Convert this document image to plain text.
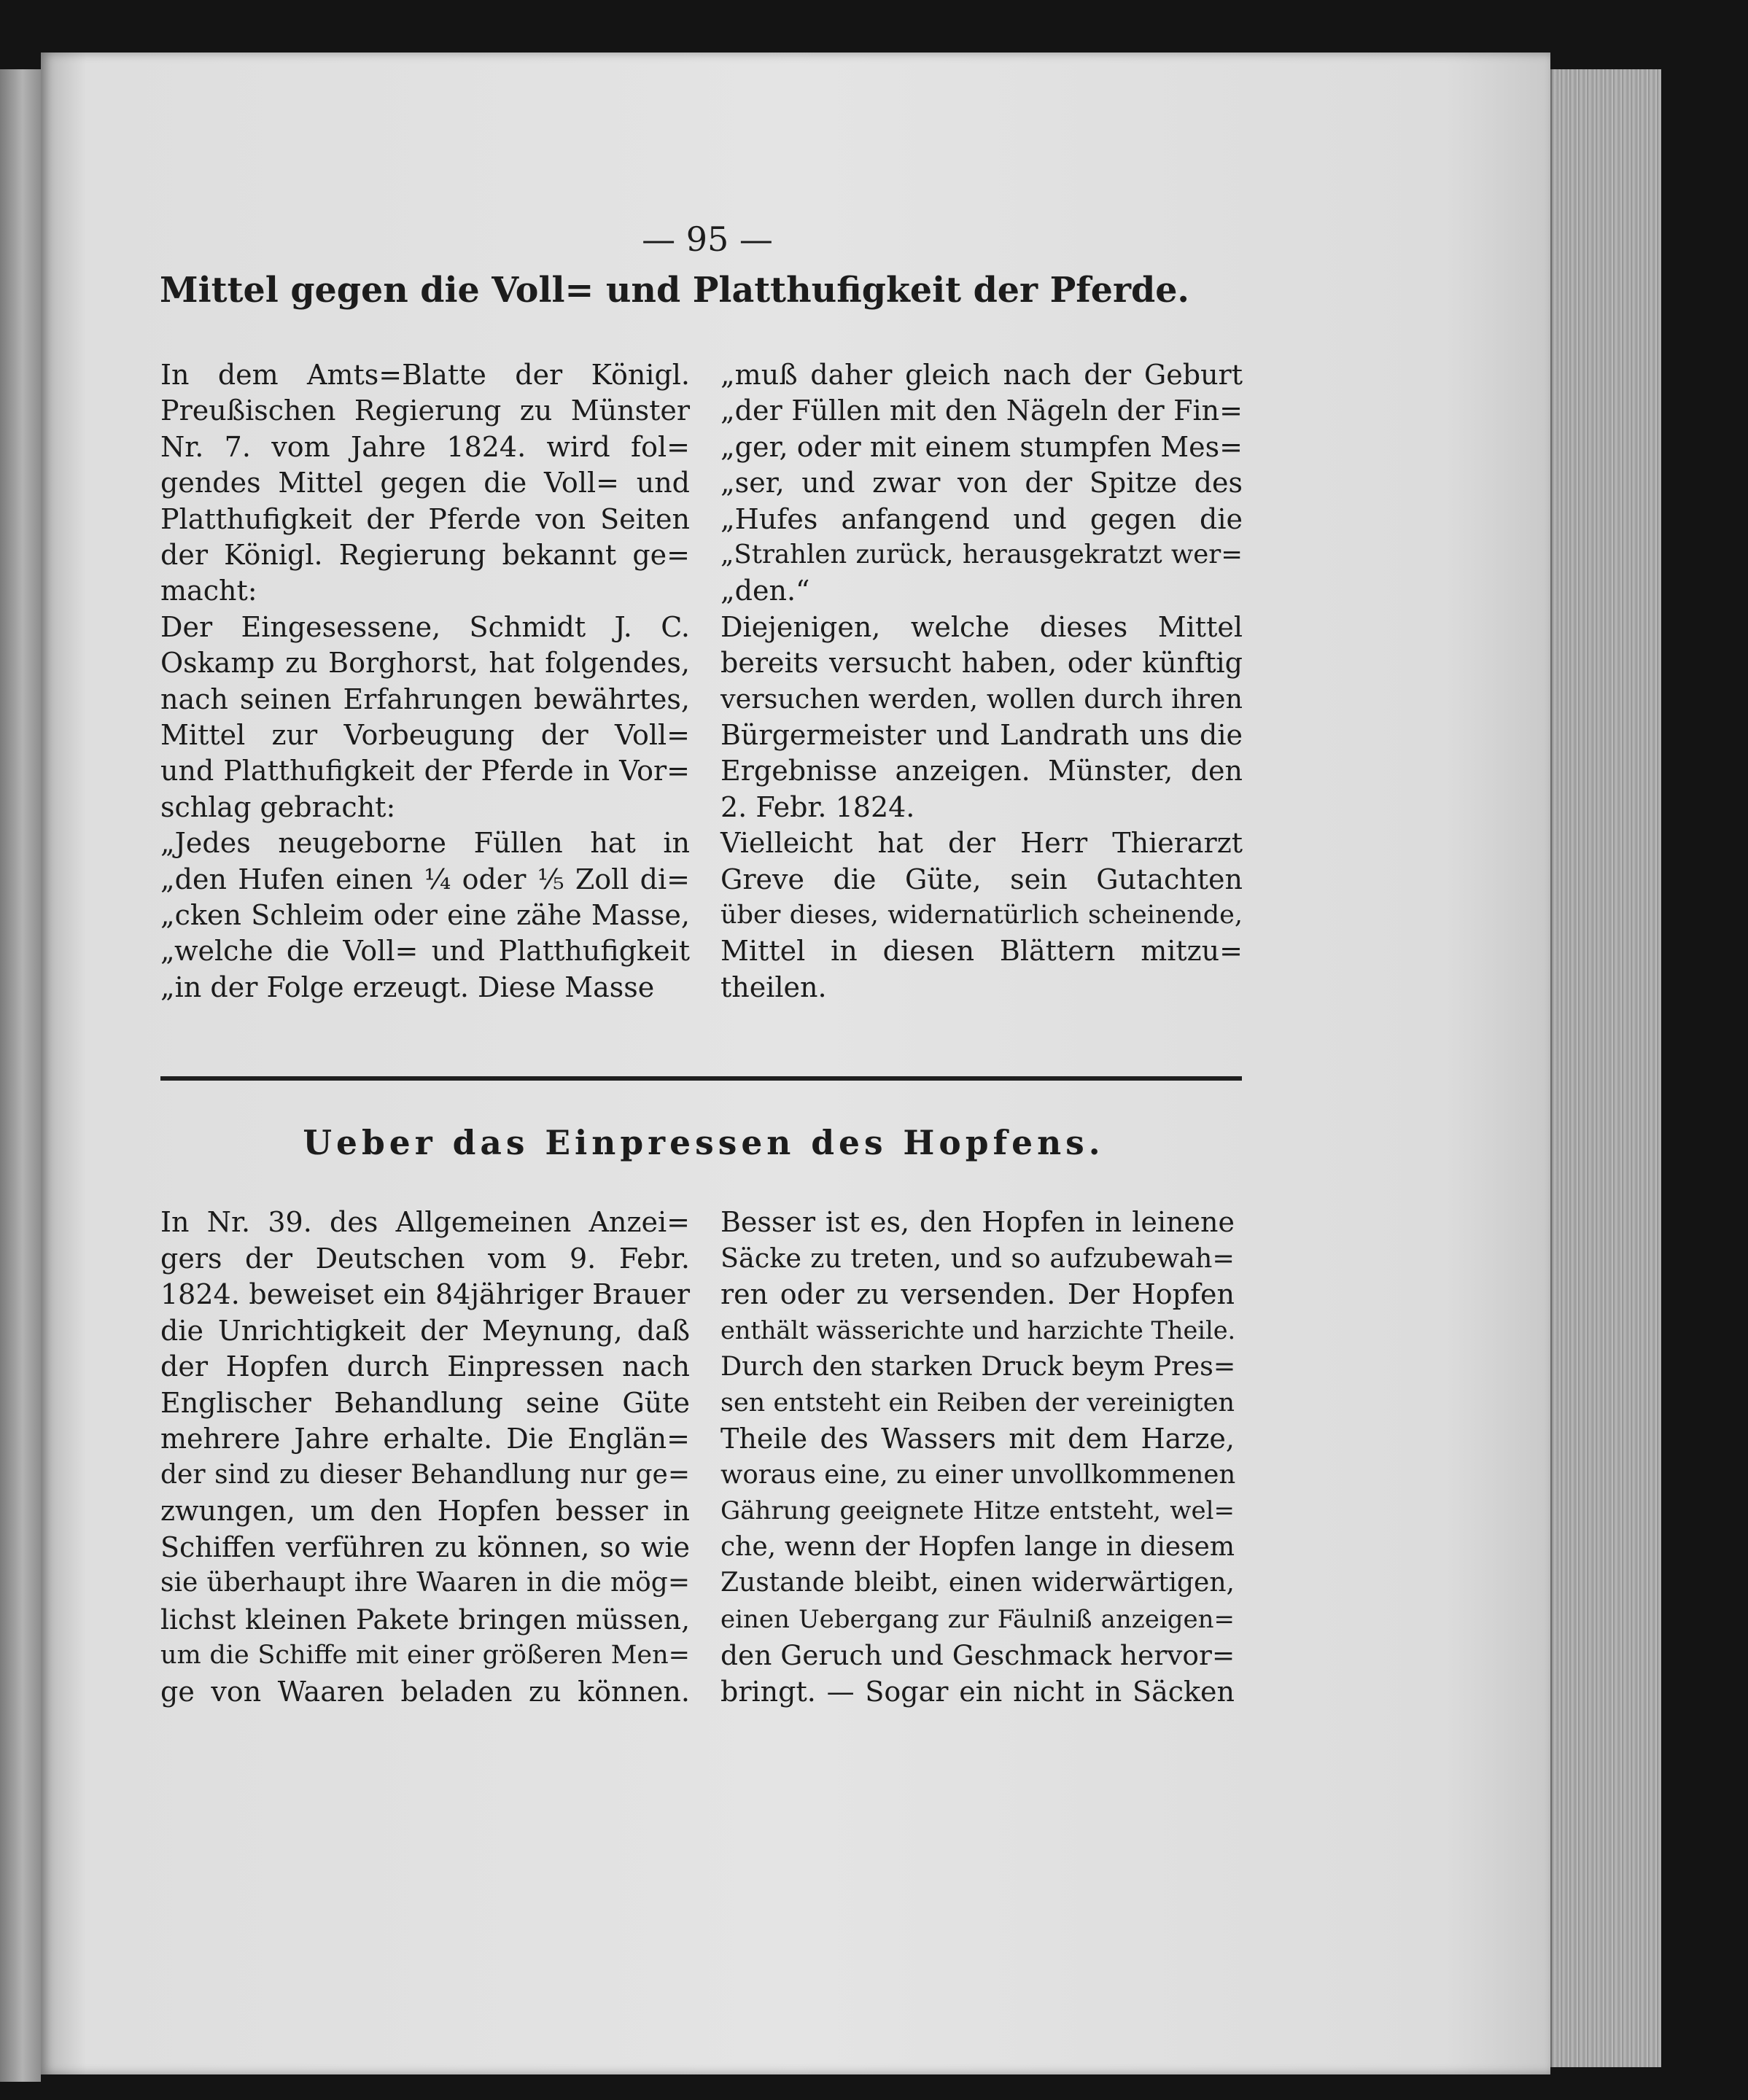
— 95 —
Mittel gegen die Voll= und Platthufigkeit der Pferde.
In dem Amts=Blatte der Königl.
Preußischen Regierung zu Münster
Nr. 7. vom Jahre 1824. wird fol=
gendes Mittel gegen die Voll= und
Platthufigkeit der Pferde von Seiten
der Königl. Regierung bekannt ge=
macht:
Der Eingesessene, Schmidt J. C.
Oskamp zu Borghorst, hat folgendes,
nach seinen Erfahrungen bewährtes,
Mittel zur Vorbeugung der Voll=
und Platthufigkeit der Pferde in Vor=
schlag gebracht:
„Jedes neugeborne Füllen hat in
„den Hufen einen ¼ oder ⅕ Zoll di=
„cken Schleim oder eine zähe Masse,
„welche die Voll= und Platthufigkeit
„in der Folge erzeugt. Diese Masse
„muß daher gleich nach der Geburt
„der Füllen mit den Nägeln der Fin=
„ger, oder mit einem stumpfen Mes=
„ser, und zwar von der Spitze des
„Hufes anfangend und gegen die
„Strahlen zurück, herausgekratzt wer=
„den.“
Diejenigen, welche dieses Mittel
bereits versucht haben, oder künftig
versuchen werden, wollen durch ihren
Bürgermeister und Landrath uns die
Ergebnisse anzeigen. Münster, den
2. Febr. 1824.
Vielleicht hat der Herr Thierarzt
Greve die Güte, sein Gutachten
über dieses, widernatürlich scheinende,
Mittel in diesen Blättern mitzu=
theilen.
Ueber das Einpressen des Hopfens.
In Nr. 39. des Allgemeinen Anzei=
gers der Deutschen vom 9. Febr.
1824. beweiset ein 84jähriger Brauer
die Unrichtigkeit der Meynung, daß
der Hopfen durch Einpressen nach
Englischer Behandlung seine Güte
mehrere Jahre erhalte. Die Englän=
der sind zu dieser Behandlung nur ge=
zwungen, um den Hopfen besser in
Schiffen verführen zu können, so wie
sie überhaupt ihre Waaren in die mög=
lichst kleinen Pakete bringen müssen,
um die Schiffe mit einer größeren Men=
ge von Waaren beladen zu können.
Besser ist es, den Hopfen in leinene
Säcke zu treten, und so aufzubewah=
ren oder zu versenden. Der Hopfen
enthält wässerichte und harzichte Theile.
Durch den starken Druck beym Pres=
sen entsteht ein Reiben der vereinigten
Theile des Wassers mit dem Harze,
woraus eine, zu einer unvollkommenen
Gährung geeignete Hitze entsteht, wel=
che, wenn der Hopfen lange in diesem
Zustande bleibt, einen widerwärtigen,
einen Uebergang zur Fäulniß anzeigen=
den Geruch und Geschmack hervor=
bringt. — Sogar ein nicht in Säcken
